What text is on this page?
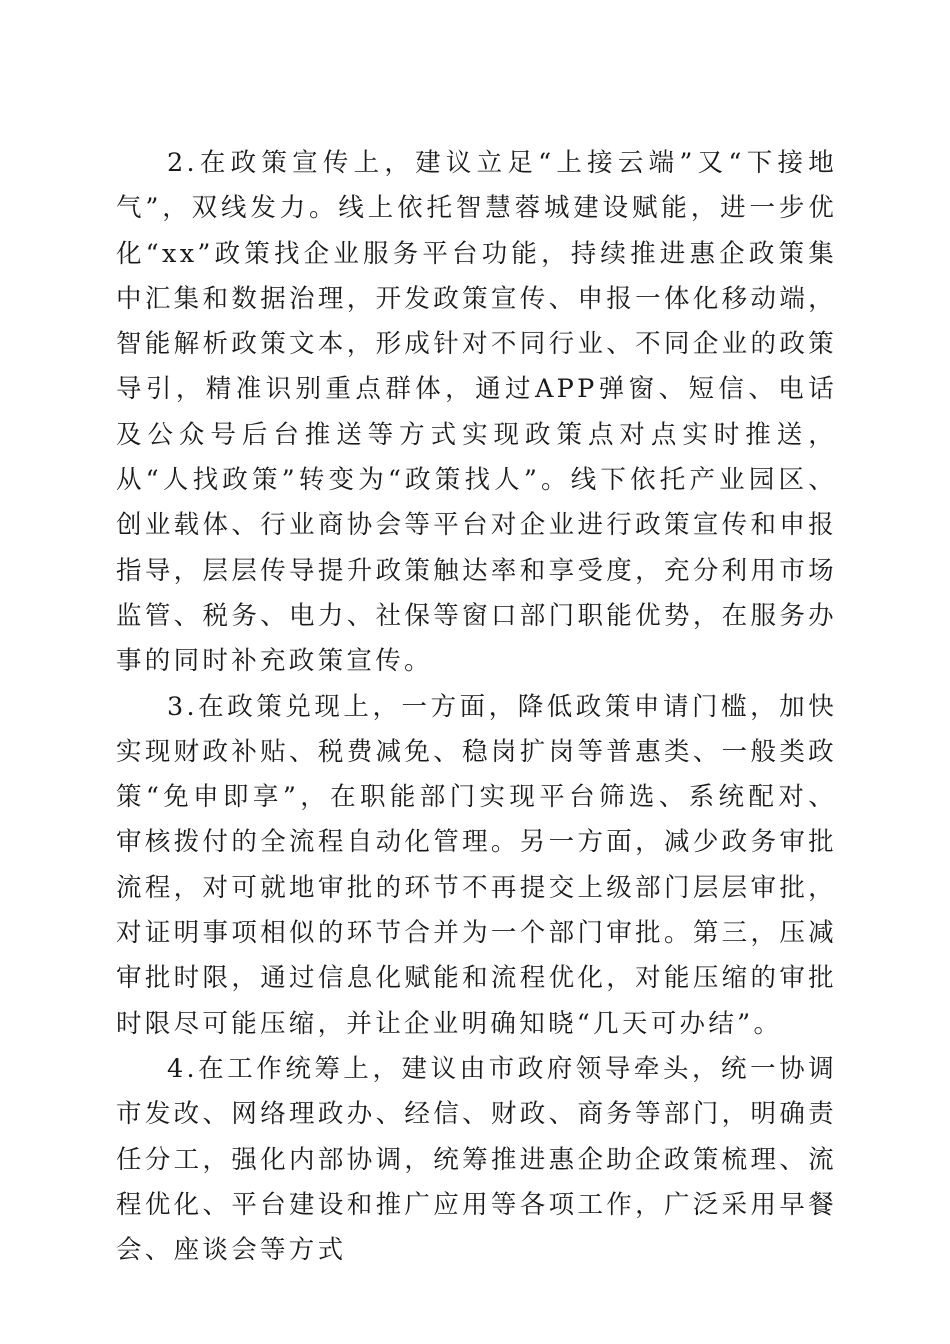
2.在政策宣传上，建议立足“上接云端”又“下接地气”，双线发力。线上依托智慧蓉城建设赋能，进一步优化“xx”政策找企业服务平台功能，持续推进惠企政策集中汇集和数据治理，开发政策宣传、申报一体化移动端，智能解析政策文本，形成针对不同行业、不同企业的政策导引，精准识别重点群体，通过APP弹窗、短信、电话及公众号后台推送等方式实现政策点对点实时推送，从“人找政策”转变为“政策找人”。线下依托产业园区、创业载体、行业商协会等平台对企业进行政策宣传和申报指导，层层传导提升政策触达率和享受度，充分利用市场监管、税务、电力、社保等窗口部门职能优势，在服务办事的同时补充政策宣传。

3.在政策兑现上，一方面，降低政策申请门槛，加快实现财政补贴、税费减免、稳岗扩岗等普惠类、一般类政策“免申即享”，在职能部门实现平台筛选、系统配对、审核拨付的全流程自动化管理。另一方面，减少政务审批流程，对可就地审批的环节不再提交上级部门层层审批，对证明事项相似的环节合并为一个部门审批。第三，压减审批时限，通过信息化赋能和流程优化，对能压缩的审批时限尽可能压缩，并让企业明确知晓“几天可办结”。

4.在工作统筹上，建议由市政府领导牵头，统一协调市发改、网络理政办、经信、财政、商务等部门，明确责任分工，强化内部协调，统筹推进惠企助企政策梳理、流程优化、平台建设和推广应用等各项工作，广泛采用早餐会、座谈会等方式
